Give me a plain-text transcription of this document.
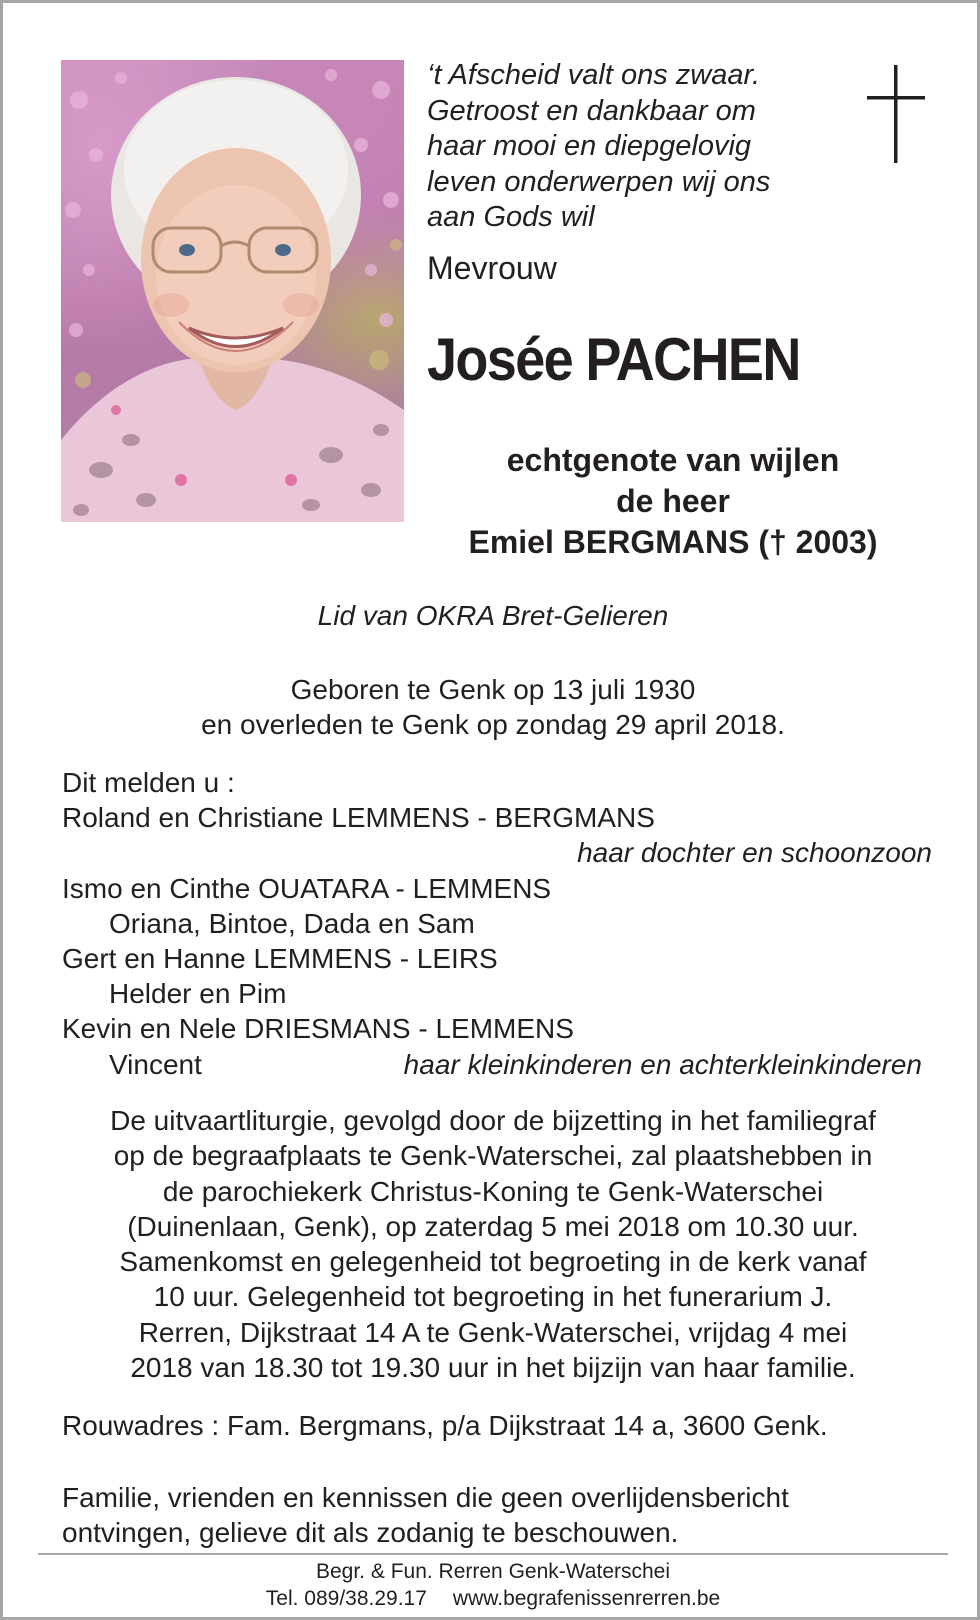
‘t Afscheid valt ons zwaar.
Getroost en dankbaar om
haar mooi en diepgelovig
leven onderwerpen wij ons
aan Gods wil
Mevrouw
Josée PACHEN
echtgenote van wijlen
de heer
Emiel BERGMANS († 2003)
Lid van OKRA Bret-Gelieren
Geboren te Genk op 13 juli 1930
en overleden te Genk op zondag 29 april 2018.
Dit melden u :
Roland en Christiane LEMMENS - BERGMANS
haar dochter en schoonzoon
Ismo en Cinthe OUATARA - LEMMENS
Oriana, Bintoe, Dada en Sam
Gert en Hanne LEMMENS - LEIRS
Helder en Pim
Kevin en Nele DRIESMANS - LEMMENS
Vincent	haar kleinkinderen en achterkleinkinderen
De uitvaartliturgie, gevolgd door de bijzetting in het familiegraf
op de begraafplaats te Genk-Waterschei, zal plaatshebben in
de parochiekerk Christus-Koning te Genk-Waterschei
(Duinenlaan, Genk), op zaterdag 5 mei 2018 om 10.30 uur.
Samenkomst en gelegenheid tot begroeting in de kerk vanaf
10 uur. Gelegenheid tot begroeting in het funerarium J.
Rerren, Dijkstraat 14 A te Genk-Waterschei, vrijdag 4 mei
2018 van 18.30 tot 19.30 uur in het bijzijn van haar familie.
Rouwadres : Fam. Bergmans, p/a Dijkstraat 14 a, 3600 Genk.
Familie, vrienden en kennissen die geen overlijdensbericht
ontvingen, gelieve dit als zodanig te beschouwen.
Begr. & Fun. Rerren Genk-Waterschei
Tel. 089/38.29.17 www.begrafenissenrerren.be
